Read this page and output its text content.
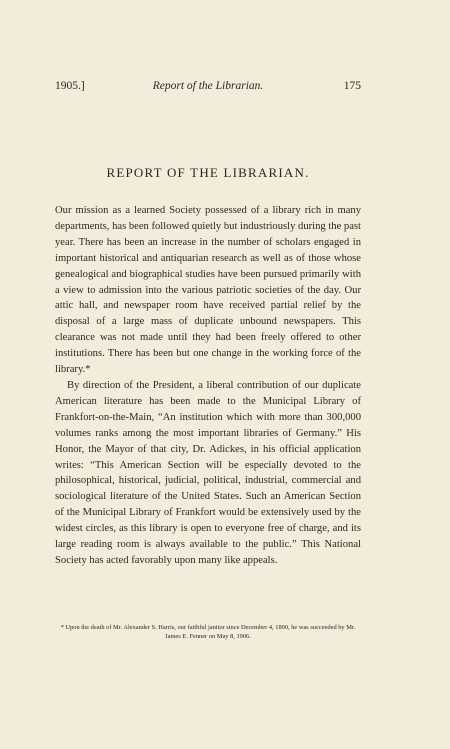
1905.]	Report of the Librarian.	175
REPORT OF THE LIBRARIAN.

Our mission as a learned Society possessed of a library rich in many departments, has been followed quietly but industriously during the past year. There has been an increase in the number of scholars engaged in important historical and antiquarian research as well as of those whose genealogical and biographical studies have been pursued primarily with a view to admission into the various patriotic societies of the day. Our attic hall, and newspaper room have received partial relief by the disposal of a large mass of duplicate unbound newspapers. This clearance was not made until they had been freely offered to other institutions. There has been but one change in the working force of the library.*

By direction of the President, a liberal contribution of our duplicate American literature has been made to the Municipal Library of Frankfort-on-the-Main, “An institution which with more than 300,000 volumes ranks among the most important libraries of Germany.” His Honor, the Mayor of that city, Dr. Adickes, in his official application writes: “This American Section will be especially devoted to the philosophical, historical, judicial, political, industrial, commercial and sociological literature of the United States. Such an American Section of the Municipal Library of Frankfort would be extensively used by the widest circles, as this library is open to everyone free of charge, and its large reading room is always available to the public.” This National Society has acted favorably upon many like appeals.

* Upon the death of Mr. Alexander S. Harris, our faithful janitor since December 4, 1890, he was succeeded by Mr. James E. Fenner on May 8, 1906.
